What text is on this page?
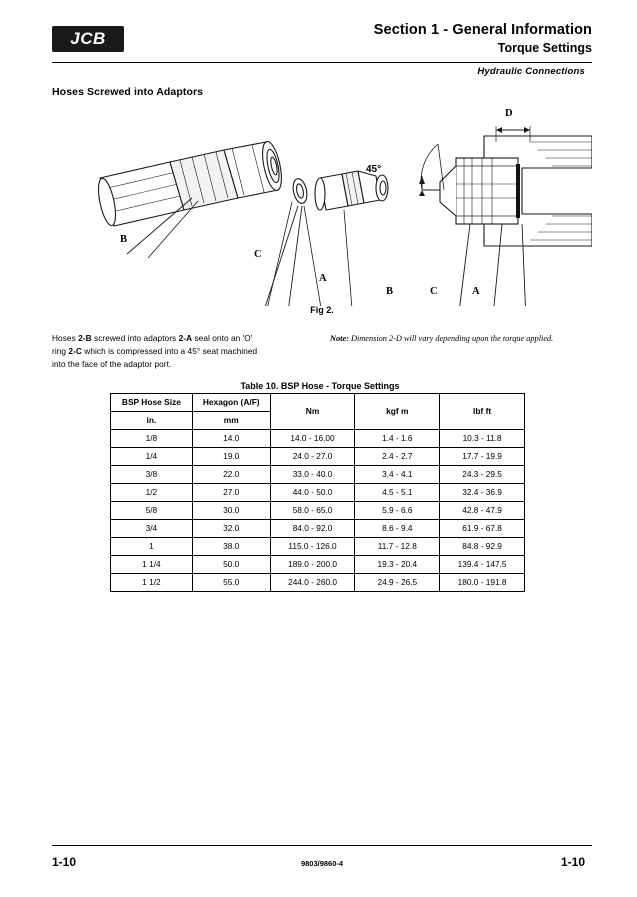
JCB	Section 1 - General Information
Torque Settings
Hydraulic Connections
Hoses Screwed into Adaptors
B
C
A
B	C	A
D
45°
Fig 2.
Hoses 2-B screwed into adaptors 2-A seal onto an 'O' ring 2-C which is compressed into a 45° seat machined into the face of the adaptor port.
Note: Dimension 2-D will vary depending upon the torque applied.
Table 10. BSP Hose - Torque Settings
BSP Hose Size	Hexagon (A/F)	Nm	kgf m	lbf ft
in.	mm			
1/8	14.0	14.0 - 16.00	1.4 - 1.6	10.3 - 11.8
1/4	19.0	24.0 - 27.0	2.4 - 2.7	17.7 - 19.9
3/8	22.0	33.0 - 40.0	3.4 - 4.1	24.3 - 29.5
1/2	27.0	44.0 - 50.0	4.5 - 5.1	32.4 - 36.9
5/8	30.0	58.0 - 65.0	5.9 - 6.6	42.8 - 47.9
3/4	32.0	84.0 - 92.0	8.6 - 9.4	61.9 - 67.8
1	38.0	115.0 - 126.0	11.7 - 12.8	84.8 - 92.9
1 1/4	50.0	189.0 - 200.0	19.3 - 20.4	139.4 - 147.5
1 1/2	55.0	244.0 - 260.0	24.9 - 26.5	180.0 - 191.8
1-10	9803/9860-4	1-10
